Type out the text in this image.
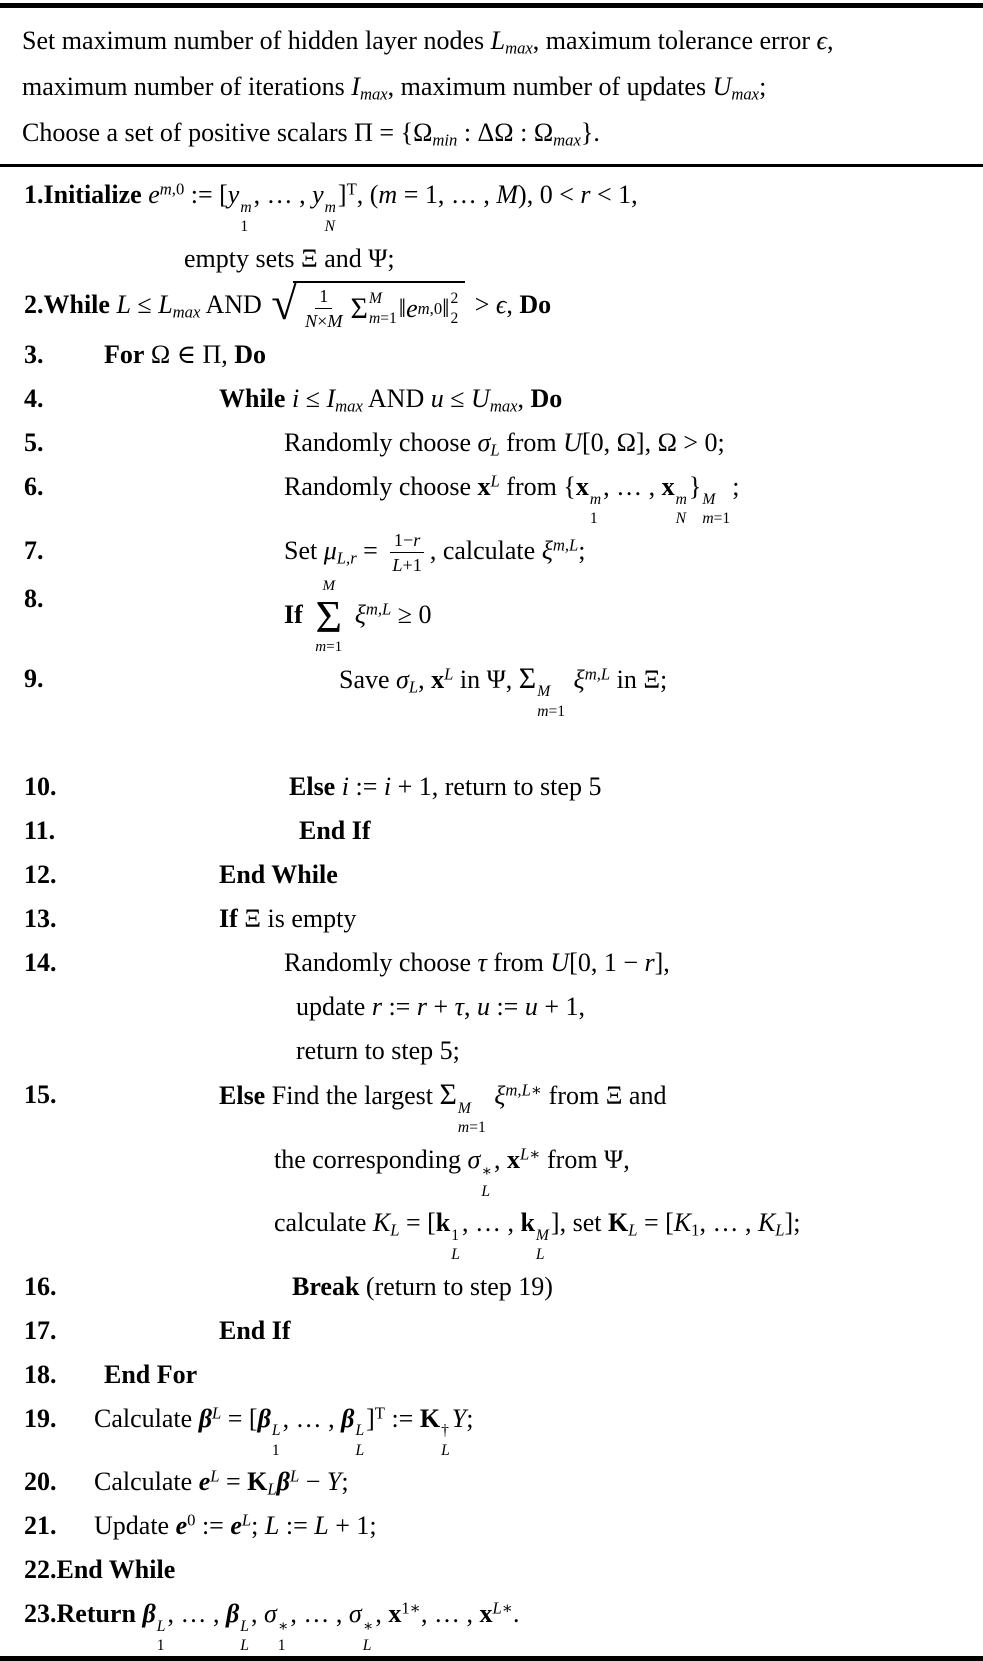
Set maximum number of hidden layer nodes $L_{max}$, maximum tolerance error ϵ,
maximum number of iterations $I_{max}$, maximum number of updates $U_{max}$;
Choose a set of positive scalars $\Pi = \{\Omega_{min}$ : ΔΩ : $\Omega_{max}$}.
1.Initialize $e^{m,0}$ := [y m
1
, … , y m
N
]$^T$, (m = 1, … , M), 0 < r < 1,
empty sets Ξ and Ψ;
2.While $L \le L_{max}$ AND √ $\frac{1}{N\times M}$ Σ M
m=1 ‖ e m,0 ‖ 2
2 > ϵ, Do
3. For Ω ∈ Π, Do
4.	While $i \le I_{max}$ AND $u \le U_{max}$, Do
5.	Randomly choose $\sigma_L$ from U[0, Ω], Ω > 0;
6.	Randomly choose $x^L$ from {x m
1
, … , x m
N
} M
m=1
;
7.	Set $\mu_{L,r} = \frac{1-r}{L+1}$ , calculate $\xi^{m,L}$;
8.
If
M
Σ
m=1
$\xi^{m,L} \ge 0$
9.	Save $\sigma_L$, $x^L$ in Ψ, Σ M
m=1
$\xi^{m,L}$ in Ξ;
10.	Else i := i + 1, return to step 5
11.	End If
12.	End While
13.	If Ξ is empty
14.	Randomly choose τ from U[0, 1 − r],
update r := r + τ, u := u + 1,
return to step 5;
15.	Else Find the largest Σ M
m=1
$\xi^{m,L∗}$ from Ξ and
the corresponding σ ∗
L
, $x^{L∗}$ from Ψ,
calculate $K_L = [k$ 1
L
, … , k M
L
], set $K_L = [K_1$, … , $K_L$];
16.	Break (return to step 19)
17.	End If
18. End For
19. Calculate $\beta^L = [\beta$ L
1
, … , β L
L
]$^T$ := K †
L
Y;
20. Calculate $e^L = K_L\beta^L - Y$;
21. Update $e^0$ := $e^L$; L := L + 1;
22.End While
23.Return β L
1
, … , β L
L
, σ ∗
1
, … , σ ∗
L
, $x^{1∗}$, … , $x^{L∗}$.
